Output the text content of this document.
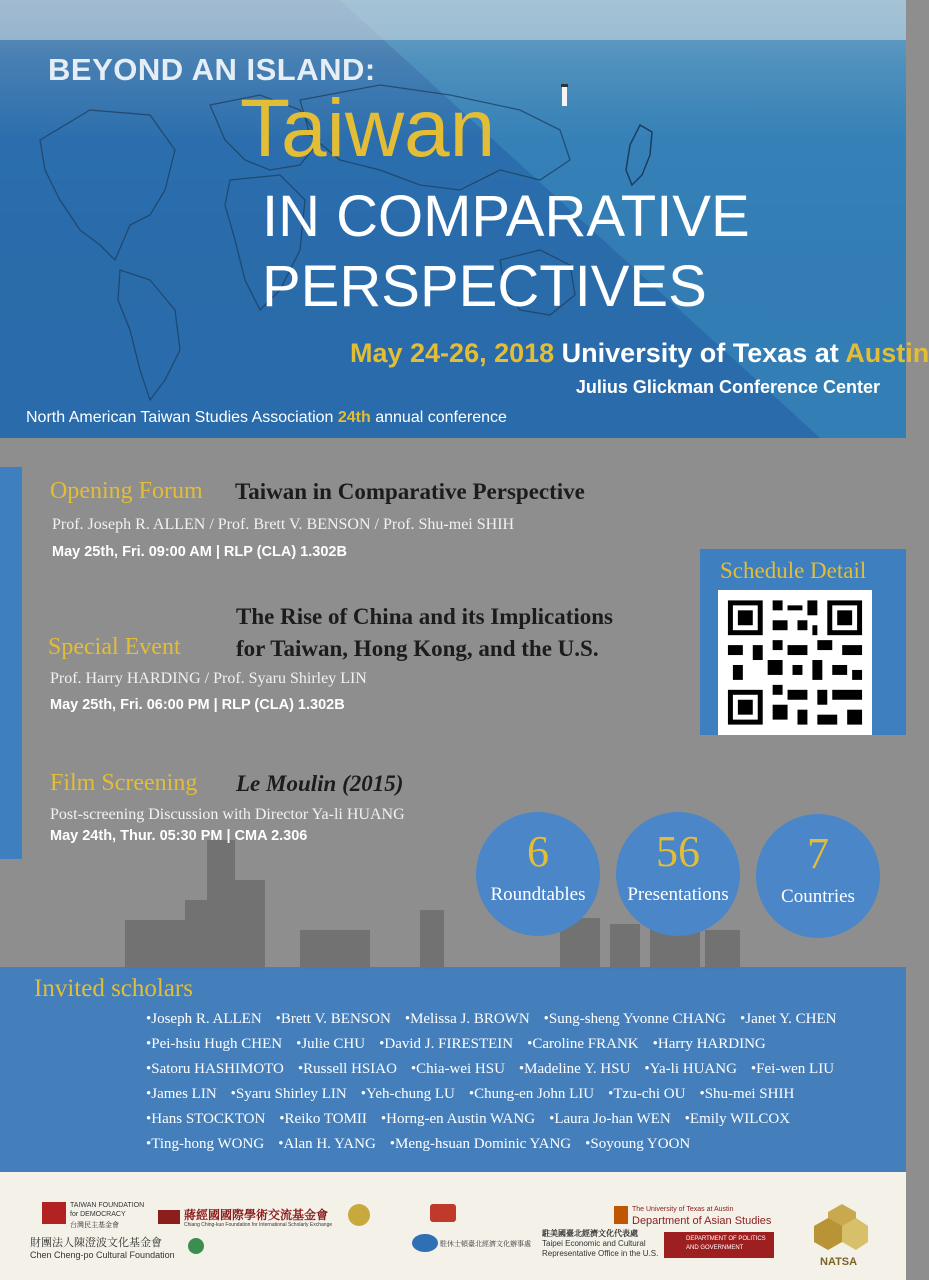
BEYOND AN ISLAND:
Taiwan
IN COMPARATIVE
PERSPECTIVES
May 24-26, 2018 University of Texas at Austin
Julius Glickman Conference Center
North American Taiwan Studies Association 24th annual conference
Opening Forum Taiwan in Comparative Perspective
Prof. Joseph R. ALLEN / Prof. Brett V. BENSON / Prof. Shu-mei SHIH
May 25th, Fri. 09:00 AM | RLP (CLA) 1.302B
The Rise of China and its Implications
for Taiwan, Hong Kong, and the U.S.
Special Event
Prof. Harry HARDING / Prof. Syaru Shirley LIN
May 25th, Fri. 06:00 PM | RLP (CLA) 1.302B
Film Screening Le Moulin (2015)
Post-screening Discussion with Director Ya-li HUANG
May 24th, Thur. 05:30 PM | CMA 2.306
Schedule Detail
6
Roundtables
56
Presentations
7
Countries
Invited scholars
•Joseph R. ALLEN •Brett V. BENSON •Melissa J. BROWN •Sung-sheng Yvonne CHANG •Janet Y. CHEN
•Pei-hsiu Hugh CHEN •Julie CHU •David J. FIRESTEIN •Caroline FRANK •Harry HARDING
•Satoru HASHIMOTO •Russell HSIAO •Chia-wei HSU •Madeline Y. HSU •Ya-li HUANG •Fei-wen LIU
•James LIN •Syaru Shirley LIN •Yeh-chung LU •Chung-en John LIU •Tzu-chi OU •Shu-mei SHIH
•Hans STOCKTON •Reiko TOMII •Horng-en Austin WANG •Laura Jo-han WEN •Emily WILCOX
•Ting-hong WONG •Alan H. YANG •Meng-hsuan Dominic YANG •Soyoung YOON
TAIWAN FOUNDATION
for DEMOCRACY
台灣民主基金會
財團法人陳澄波文化基金會
Chen Cheng-po Cultural Foundation
蔣經國國際學術交流基金會
Chiang Ching-kuo Foundation for International Scholarly Exchange
駐美國臺北經濟文化代表處
Taipei Economic and Cultural
Representative Office in the U.S.
駐休士頓臺北經濟文化辦事處
The University of Texas at Austin
Department of Asian Studies
DEPARTMENT OF POLITICS
AND GOVERNMENT
NATSA
